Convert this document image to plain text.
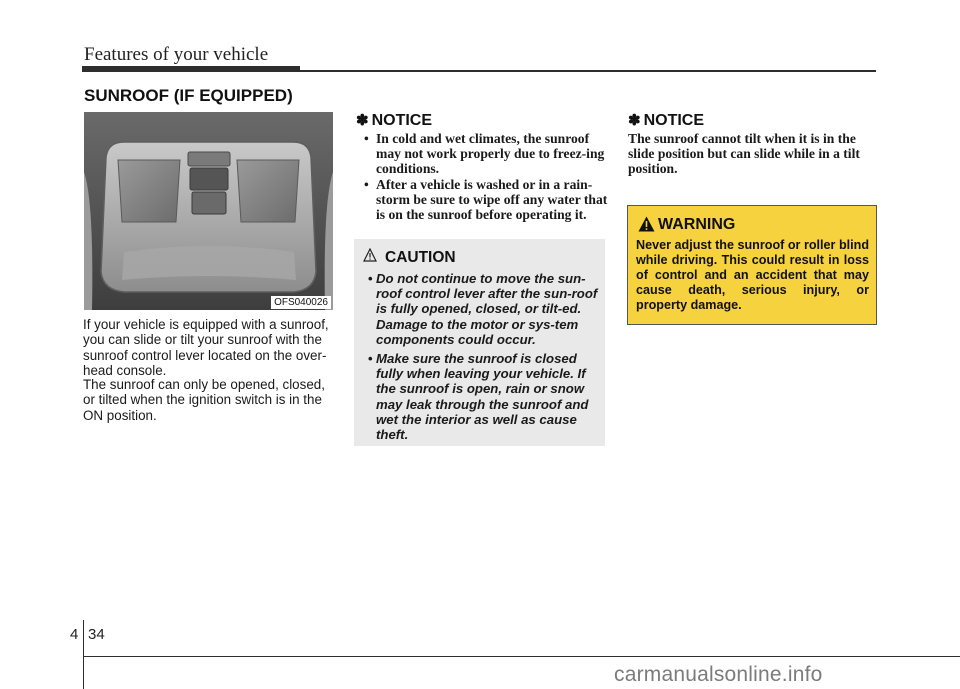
Features of your vehicle
SUNROOF (IF EQUIPPED)
OFS040026
If your vehicle is equipped with a sunroof, you can slide or tilt your sunroof with the sunroof control lever located on the over-head console.
The sunroof can only be opened, closed, or tilted when the ignition switch is in the ON position.
✽ NOTICE
• In cold and wet climates, the sunroof may not work properly due to freez-ing conditions.
• After a vehicle is washed or in a rain-storm be sure to wipe off any water that is on the sunroof before operating it.
CAUTION
• Do not continue to move the sun-roof control lever after the sun-roof is fully opened, closed, or tilt-ed. Damage to the motor or sys-tem components could occur.
• Make sure the sunroof is closed fully when leaving your vehicle. If the sunroof is open, rain or snow may leak through the sunroof and wet the interior as well as cause theft.
✽ NOTICE
The sunroof cannot tilt when it is in the slide position but can slide while in a tilt position.
WARNING
Never adjust the sunroof or roller blind while driving. This could result in loss of control and an accident that may cause death, serious injury, or property damage.
4 34
carmanualsonline.info
